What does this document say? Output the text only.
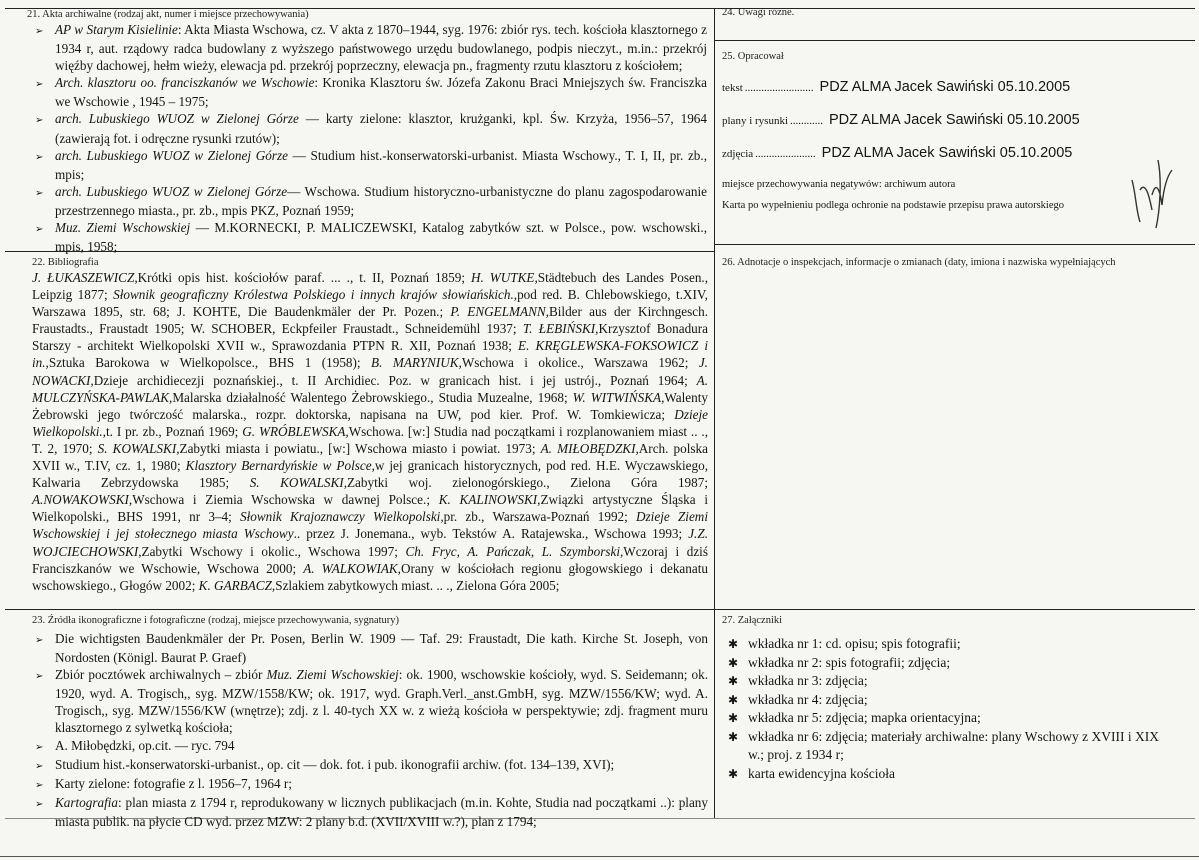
21. Akta archiwalne (rodzaj akt, numer i miejsce przechowywania)
➢ AP w Starym Kisielinie: Akta Miasta Wschowa, cz. V akta z 1870–1944, syg. 1976: zbiór rys. tech. kościoła klasztornego z 1934 r, aut. rządowy radca budowlany z wyższego państwowego urzędu budowlanego, podpis nieczyt., m.in.: przekrój więźby dachowej, hełm wieży, elewacja pd. przekrój poprzeczny, elewacja pn., fragmenty rzutu klasztoru z kościołem;
➢ Arch. klasztoru oo. franciszkanów we Wschowie: Kronika Klasztoru św. Józefa Zakonu Braci Mniejszych św. Franciszka we Wschowie , 1945 – 1975;
➢ arch. Lubuskiego WUOZ w Zielonej Górze — karty zielone: klasztor, krużganki, kpl. Św. Krzyża, 1956–57, 1964 (zawierają fot. i odręczne rysunki rzutów);
➢ arch. Lubuskiego WUOZ w Zielonej Górze — Studium hist.-konserwatorski-urbanist. Miasta Wschowy., T. I, II, pr. zb., mpis;
➢ arch. Lubuskiego WUOZ w Zielonej Górze— Wschowa. Studium historyczno-urbanistyczne do planu zagospodarowanie przestrzennego miasta., pr. zb., mpis PKZ, Poznań 1959;
➢ Muz. Ziemi Wschowskiej — M.KORNECKI, P. MALICZEWSKI, Katalog zabytków szt. w Polsce., pow. wschowski., mpis, 1958;
22. Bibliografia
J. ŁUKASZEWICZ,Krótki opis hist. kościołów paraf. ... ., t. II, Poznań 1859; H. WUTKE,Städtebuch des Landes Posen., Leipzig 1877; Słownik geograficzny Królestwa Polskiego i innych krajów słowiańskich.,pod red. B. Chlebowskiego, t.XIV, Warszawa 1895, str. 68; J. KOHTE, Die Baudenkmäler der Pr. Pozen.; P. ENGELMANN,Bilder aus der Kirchngesch. Fraustadts., Fraustadt 1905; W. SCHOBER, Eckpfeiler Fraustadt., Schneidemühl 1937; T. ŁEBIŃSKI,Krzysztof Bonadura Starszy - architekt Wielkopolski XVII w., Sprawozdania PTPN R. XII, Poznań 1938; E. KRĘGLEWSKA-FOKSOWICZ i in.,Sztuka Barokowa w Wielkopolsce., BHS 1 (1958); B. MARYNIUK,Wschowa i okolice., Warszawa 1962; J. NOWACKI,Dzieje archidiecezji poznańskiej., t. II Archidiec. Poz. w granicach hist. i jej ustrój., Poznań 1964; A. MULCZYŃSKA-PAWLAK,Malarska działalność Walentego Żebrowskiego., Studia Muzealne, 1968; W. WITWIŃSKA,Walenty Żebrowski jego twórczość malarska., rozpr. doktorska, napisana na UW, pod kier. Prof. W. Tomkiewicza; Dzieje Wielkopolski.,t. I pr. zb., Poznań 1969; G. WRÓBLEWSKA,Wschowa. [w:] Studia nad początkami i rozplanowaniem miast .. ., T. 2, 1970; S. KOWALSKI,Zabytki miasta i powiatu., [w:] Wschowa miasto i powiat. 1973; A. MIŁOBĘDZKI,Arch. polska XVII w., T.IV, cz. 1, 1980; Klasztory Bernardyńskie w Polsce,w jej granicach historycznych, pod red. H.E. Wyczawskiego, Kalwaria Zebrzydowska 1985; S. KOWALSKI,Zabytki woj. zielonogórskiego., Zielona Góra 1987; A.NOWAKOWSKI,Wschowa i Ziemia Wschowska w dawnej Polsce.; K. KALINOWSKI,Związki artystyczne Śląska i Wielkopolski., BHS 1991, nr 3–4; Słownik Krajoznawczy Wielkopolski,pr. zb., Warszawa-Poznań 1992; Dzieje Ziemi Wschowskiej i jej stołecznego miasta Wschowy.. przez J. Jonemana., wyb. Tekstów A. Ratajewska., Wschowa 1993; J.Z. WOJCIECHOWSKI,Zabytki Wschowy i okolic., Wschowa 1997; Ch. Fryc, A. Pańczak, L. Szymborski,Wczoraj i dziś Franciszkanów we Wschowie, Wschowa 2000; A. WALKOWIAK,Orany w kościołach regionu głogowskiego i dekanatu wschowskiego., Głogów 2002; K. GARBACZ,Szlakiem zabytkowych miast. .. ., Zielona Góra 2005;
23. Źródła ikonograficzne i fotograficzne (rodzaj, miejsce przechowywania, sygnatury)
➢ Die wichtigsten Baudenkmäler der Pr. Posen, Berlin W. 1909 — Taf. 29: Fraustadt, Die kath. Kirche St. Joseph, von Nordosten (Königl. Baurat P. Graef)
➢ Zbiór pocztówek archiwalnych – zbiór Muz. Ziemi Wschowskiej: ok. 1900, wschowskie kościoły, wyd. S. Seidemann; ok. 1920, wyd. A. Trogisch,, syg. MZW/1558/KW; ok. 1917, wyd. Graph.Verl._anst.GmbH, syg. MZW/1556/KW; wyd. A. Trogisch,, syg. MZW/1556/KW (wnętrze); zdj. z l. 40-tych XX w. z wieżą kościoła w perspektywie; zdj. fragment muru klasztornego z sylwetką kościoła;
➢ A. Miłobędzki, op.cit. — ryc. 794
➢ Studium hist.-konserwatorski-urbanist., op. cit — dok. fot. i pub. ikonografii archiw. (fot. 134–139, XVI);
➢ Karty zielone: fotografie z l. 1956–7, 1964 r;
➢ Kartografia: plan miasta z 1794 r, reprodukowany w licznych publikacjach (m.in. Kohte, Studia nad początkami ..): plany miasta publik. na płycie CD wyd. przez MZW: 2 plany b.d. (XVII/XVIII w.?), plan z 1794;
24. Uwagi różne.
25. Opracował
tekst ......................... PDZ ALMA Jacek Sawiński 05.10.2005
plany i rysunki ............ PDZ ALMA Jacek Sawiński 05.10.2005
zdjęcia ...................... PDZ ALMA Jacek Sawiński 05.10.2005
miejsce przechowywania negatywów: archiwum autora
Karta po wypełnieniu podlega ochronie na podstawie przepisu prawa autorskiego
26. Adnotacje o inspekcjach, informacje o zmianach (daty, imiona i nazwiska wypełniających
27. Załączniki
✱ wkładka nr 1: cd. opisu; spis fotografii;
✱ wkładka nr 2: spis fotografii; zdjęcia;
✱ wkładka nr 3: zdjęcia;
✱ wkładka nr 4: zdjęcia;
✱ wkładka nr 5: zdjęcia; mapka orientacyjna;
✱ wkładka nr 6: zdjęcia; materiały archiwalne: plany Wschowy z XVIII i XIX w.; proj. z 1934 r;
✱ karta ewidencyjna kościoła
